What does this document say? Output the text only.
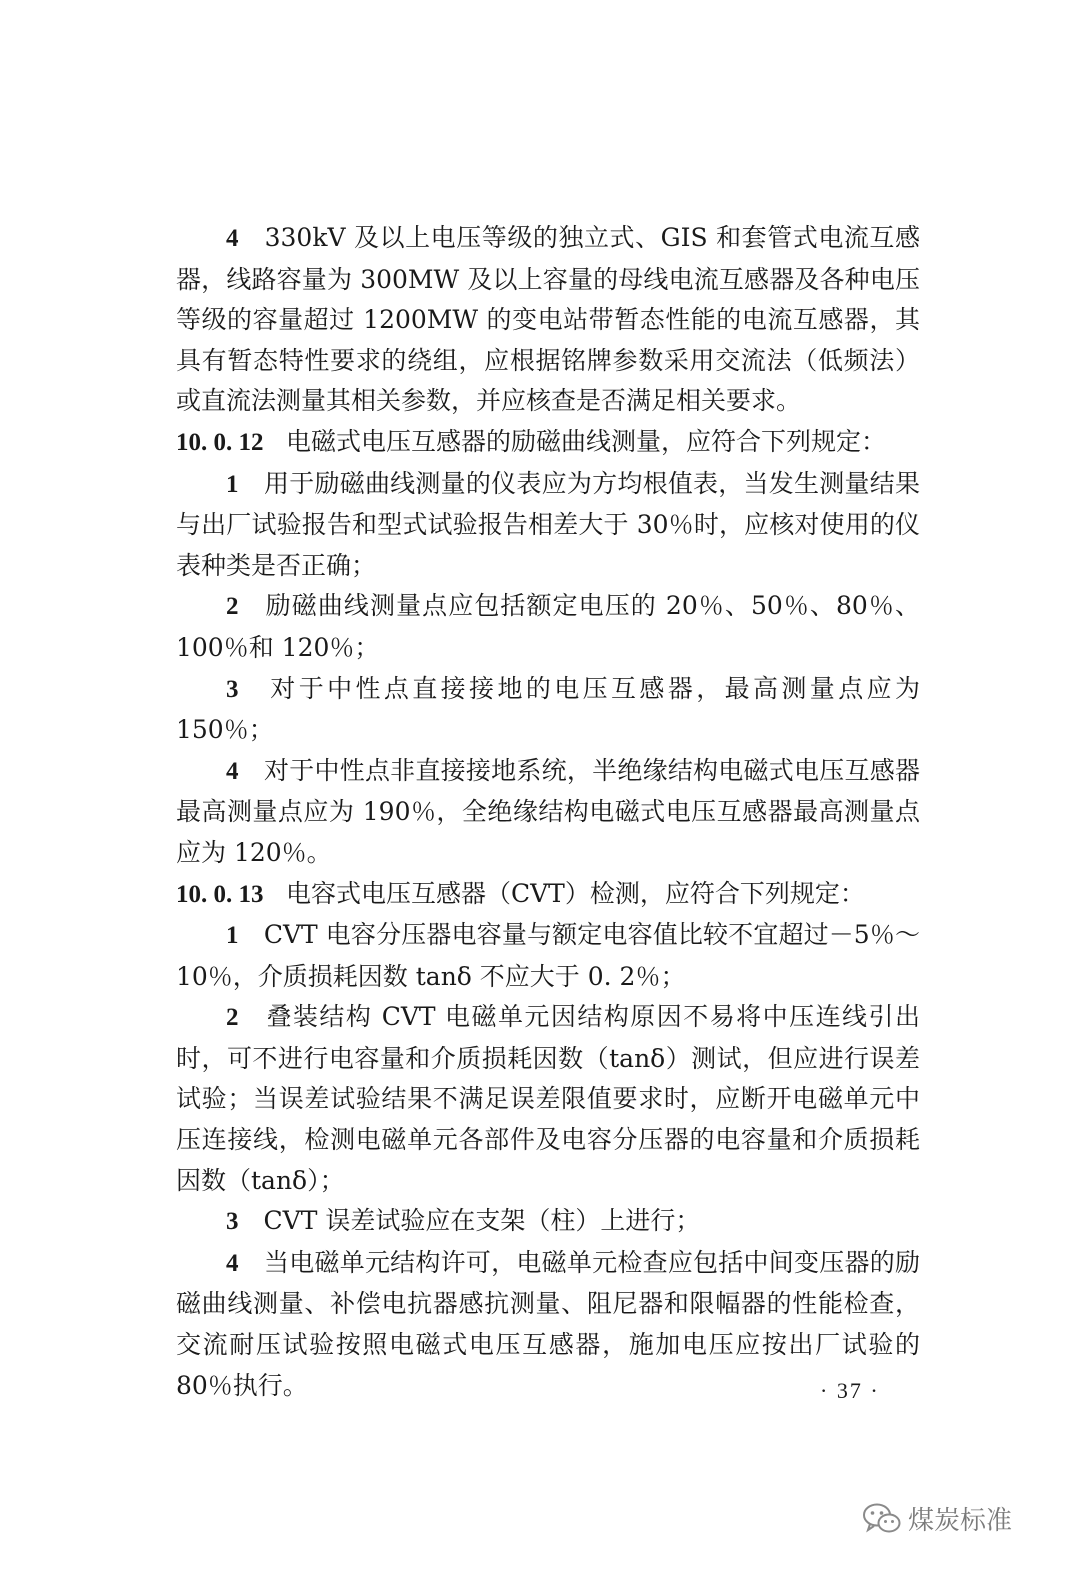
4　 330kV 及以上电压等级的独立式、GIS 和套管式电流互感器，线路容量为 300MW 及以上容量的母线电流互感器及各种电压等级的容量超过 1200MW 的变电站带暂态性能的电流互感器，其具有暂态特性要求的绕组，应根据铭牌参数采用交流法（低频法）或直流法测量其相关参数，并应核查是否满足相关要求。

10. 0. 12 电磁式电压互感器的励磁曲线测量，应符合下列规定：

1　 用于励磁曲线测量的仪表应为方均根值表，当发生测量结果与出厂试验报告和型式试验报告相差大于 30％时，应核对使用的仪表种类是否正确；

2　 励磁曲线测量点应包括额定电压的 20％、50％、80％、100％和 120％；

3　 对于中性点直接接地的电压互感器，最高测量点应为 150％；

4　 对于中性点非直接接地系统，半绝缘结构电磁式电压互感器最高测量点应为 190％，全绝缘结构电磁式电压互感器最高测量点应为 120％。

10. 0. 13 电容式电压互感器（CVT）检测，应符合下列规定：

1　 CVT 电容分压器电容量与额定电容值比较不宜超过－5％～10％，介质损耗因数 tanδ 不应大于 0. 2％；

2　 叠装结构 CVT 电磁单元因结构原因不易将中压连线引出时，可不进行电容量和介质损耗因数（tanδ）测试，但应进行误差试验；当误差试验结果不满足误差限值要求时，应断开电磁单元中压连接线，检测电磁单元各部件及电容分压器的电容量和介质损耗因数（tanδ）；

3　 CVT 误差试验应在支架（柱）上进行；

4　 当电磁单元结构许可，电磁单元检查应包括中间变压器的励磁曲线测量、补偿电抗器感抗测量、阻尼器和限幅器的性能检查，交流耐压试验按照电磁式电压互感器，施加电压应按出厂试验的 80％执行。	· 37 ·
煤炭标准
